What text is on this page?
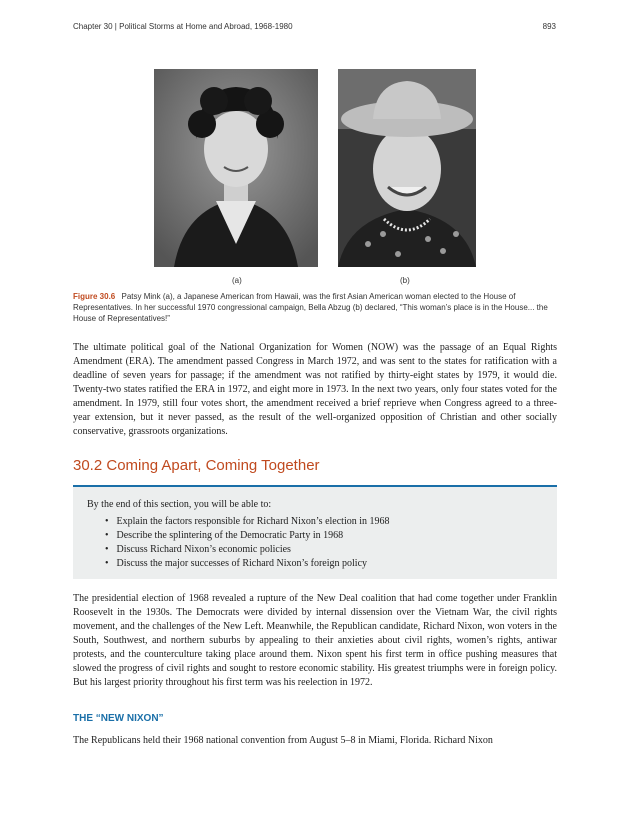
Chapter 30 | Political Storms at Home and Abroad, 1968-1980	893
(a)	(b)
Figure 30.6 Patsy Mink (a), a Japanese American from Hawaii, was the first Asian American woman elected to the House of Representatives. In her successful 1970 congressional campaign, Bella Abzug (b) declared, “This woman’s place is in the House... the House of Representatives!”
The ultimate political goal of the National Organization for Women (NOW) was the passage of an Equal Rights Amendment (ERA). The amendment passed Congress in March 1972, and was sent to the states for ratification with a deadline of seven years for passage; if the amendment was not ratified by thirty-eight states by 1979, it would die. Twenty-two states ratified the ERA in 1972, and eight more in 1973. In the next two years, only four states voted for the amendment. In 1979, still four votes short, the amendment received a brief reprieve when Congress agreed to a three-year extension, but it never passed, as the result of the well-organized opposition of Christian and other socially conservative, grassroots organizations.
30.2 Coming Apart, Coming Together
By the end of this section, you will be able to:
• Explain the factors responsible for Richard Nixon’s election in 1968
• Describe the splintering of the Democratic Party in 1968
• Discuss Richard Nixon’s economic policies
• Discuss the major successes of Richard Nixon’s foreign policy
The presidential election of 1968 revealed a rupture of the New Deal coalition that had come together under Franklin Roosevelt in the 1930s. The Democrats were divided by internal dissension over the Vietnam War, the civil rights movement, and the challenges of the New Left. Meanwhile, the Republican candidate, Richard Nixon, won voters in the South, Southwest, and northern suburbs by appealing to their anxieties about civil rights, women’s rights, antiwar protests, and the counterculture taking place around them. Nixon spent his first term in office pushing measures that slowed the progress of civil rights and sought to restore economic stability. His greatest triumphs were in foreign policy. But his largest priority throughout his first term was his reelection in 1972.
THE “NEW NIXON”
The Republicans held their 1968 national convention from August 5–8 in Miami, Florida. Richard Nixon
